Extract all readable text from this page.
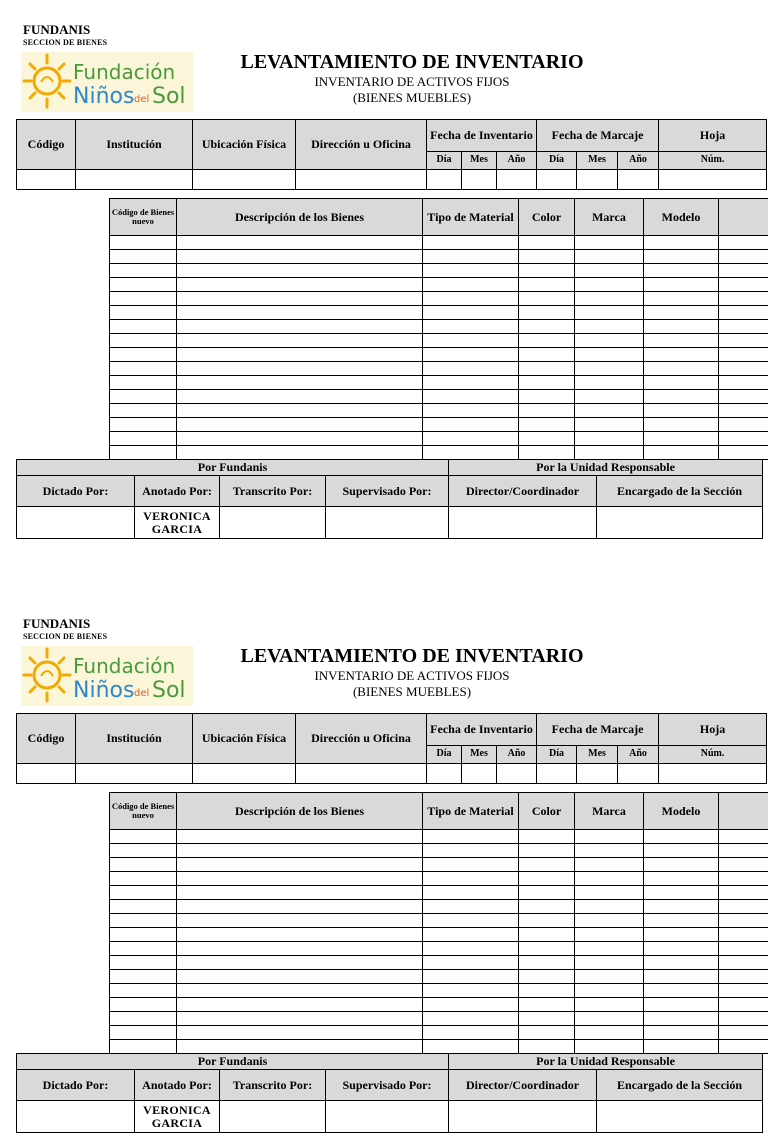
FUNDANIS
SECCION DE BIENES
Fundación
Niños del Sol
LEVANTAMIENTO DE INVENTARIO
INVENTARIO DE ACTIVOS FIJOS
(BIENES MUEBLES)
Código	Institución	Ubicación Física	Dirección u Oficina	Fecha de Inventario			Fecha de Marcaje			Hoja
				Día	Mes	Año	Día	Mes	Año	Núm.

Código de Bienes nuevo	Descripción de los Bienes	Tipo de Material	Color	Marca	Modelo	

Por Fundanis				Por la Unidad Responsable	
Dictado Por:	Anotado Por:	Transcrito Por:	Supervisado Por:	Director/Coordinador	Encargado de la Sección
	VERONICA GARCIA				
FUNDANIS
SECCION DE BIENES
Fundación
Niños del Sol
LEVANTAMIENTO DE INVENTARIO
INVENTARIO DE ACTIVOS FIJOS
(BIENES MUEBLES)
Código	Institución	Ubicación Física	Dirección u Oficina	Fecha de Inventario			Fecha de Marcaje			Hoja
				Día	Mes	Año	Día	Mes	Año	Núm.

Código de Bienes nuevo	Descripción de los Bienes	Tipo de Material	Color	Marca	Modelo	

Por Fundanis				Por la Unidad Responsable	
Dictado Por:	Anotado Por:	Transcrito Por:	Supervisado Por:	Director/Coordinador	Encargado de la Sección
	VERONICA GARCIA				
